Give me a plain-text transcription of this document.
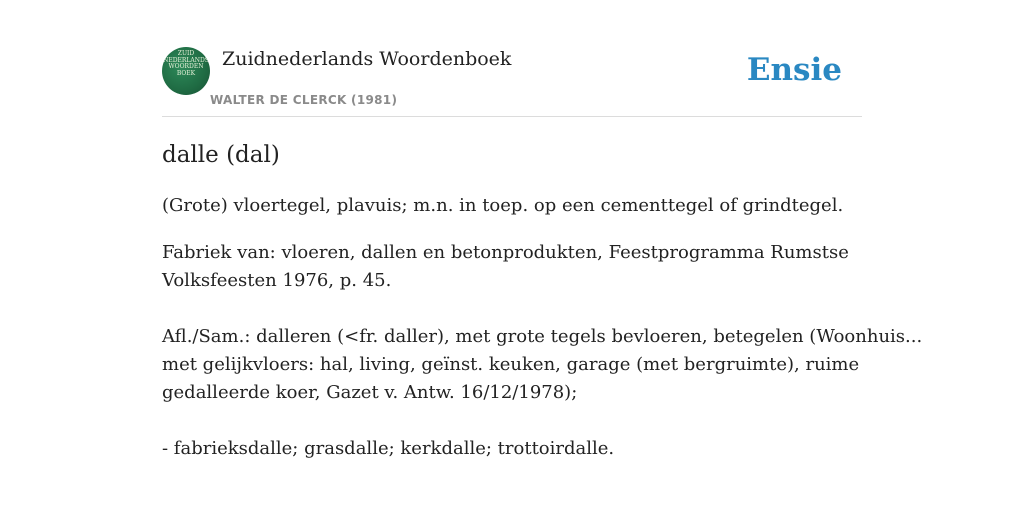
ZUID
NEDERLANDS
WOORDEN
BOEK
Zuidnederlands Woordenboek
WALTER DE CLERCK (1981)
Ensie
dalle (dal)
(Grote) vloertegel, plavuis; m.n. in toep. op een cementtegel of grindtegel.
Fabriek van: vloeren, dallen en betonprodukten, Feestprogramma Rumstse
Volksfeesten 1976, p. 45.
Afl./Sam.: dalleren (<fr. daller), met grote tegels bevloeren, betegelen (Woonhuis...
met gelijkvloers: hal, living, geïnst. keuken, garage (met bergruimte), ruime
gedalleerde koer, Gazet v. Antw. 16/12/1978);
- fabrieksdalle; grasdalle; kerkdalle; trottoirdalle.
